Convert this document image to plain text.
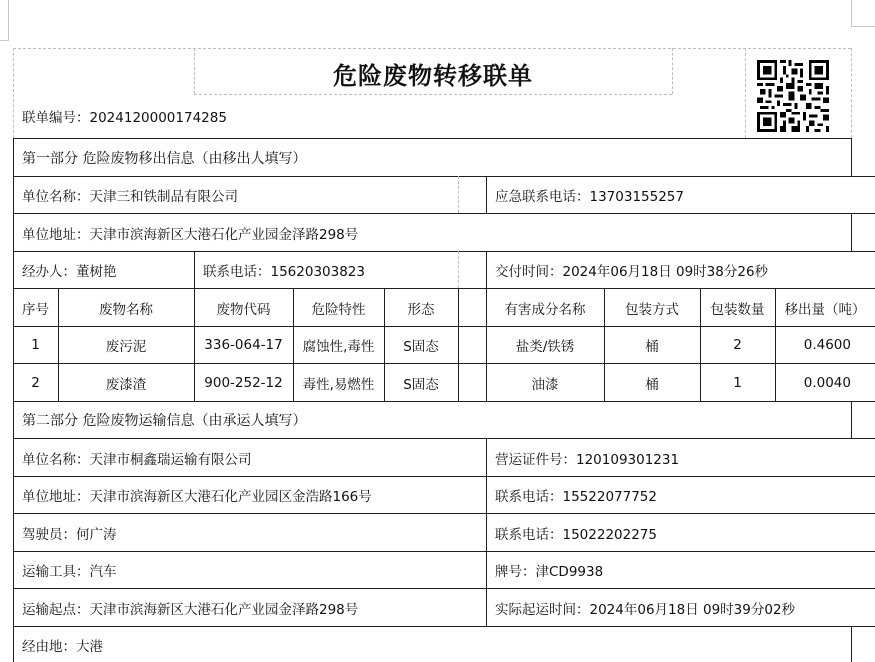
危险废物转移联单
联单编号：2024120000174285
第一部分 危险废物移出信息（由移出人填写）
单位名称：天津三和铁制品有限公司	应急联系电话：13703155257
单位地址：天津市滨海新区大港石化产业园金泽路298号
经办人：董树艳	联系电话：15620303823	交付时间：2024年06月18日 09时38分26秒
序号	废物名称	废物代码	危险特性	形态	有害成分名称	包装方式	包装数量	移出量（吨）
1	废污泥	336-064-17	腐蚀性,毒性	S固态	盐类/铁锈	桶	2	0.4600
2	废漆渣	900-252-12	毒性,易燃性	S固态	油漆	桶	1	0.0040
第二部分 危险废物运输信息（由承运人填写）
单位名称：天津市桐鑫瑞运输有限公司	营运证件号：120109301231
单位地址：天津市滨海新区大港石化产业园区金浩路166号	联系电话：15522077752
驾驶员：何广涛	联系电话：15022202275
运输工具：汽车	牌号：津CD9938
运输起点：天津市滨海新区大港石化产业园金泽路298号	实际起运时间：2024年06月18日 09时39分02秒
经由地：大港
